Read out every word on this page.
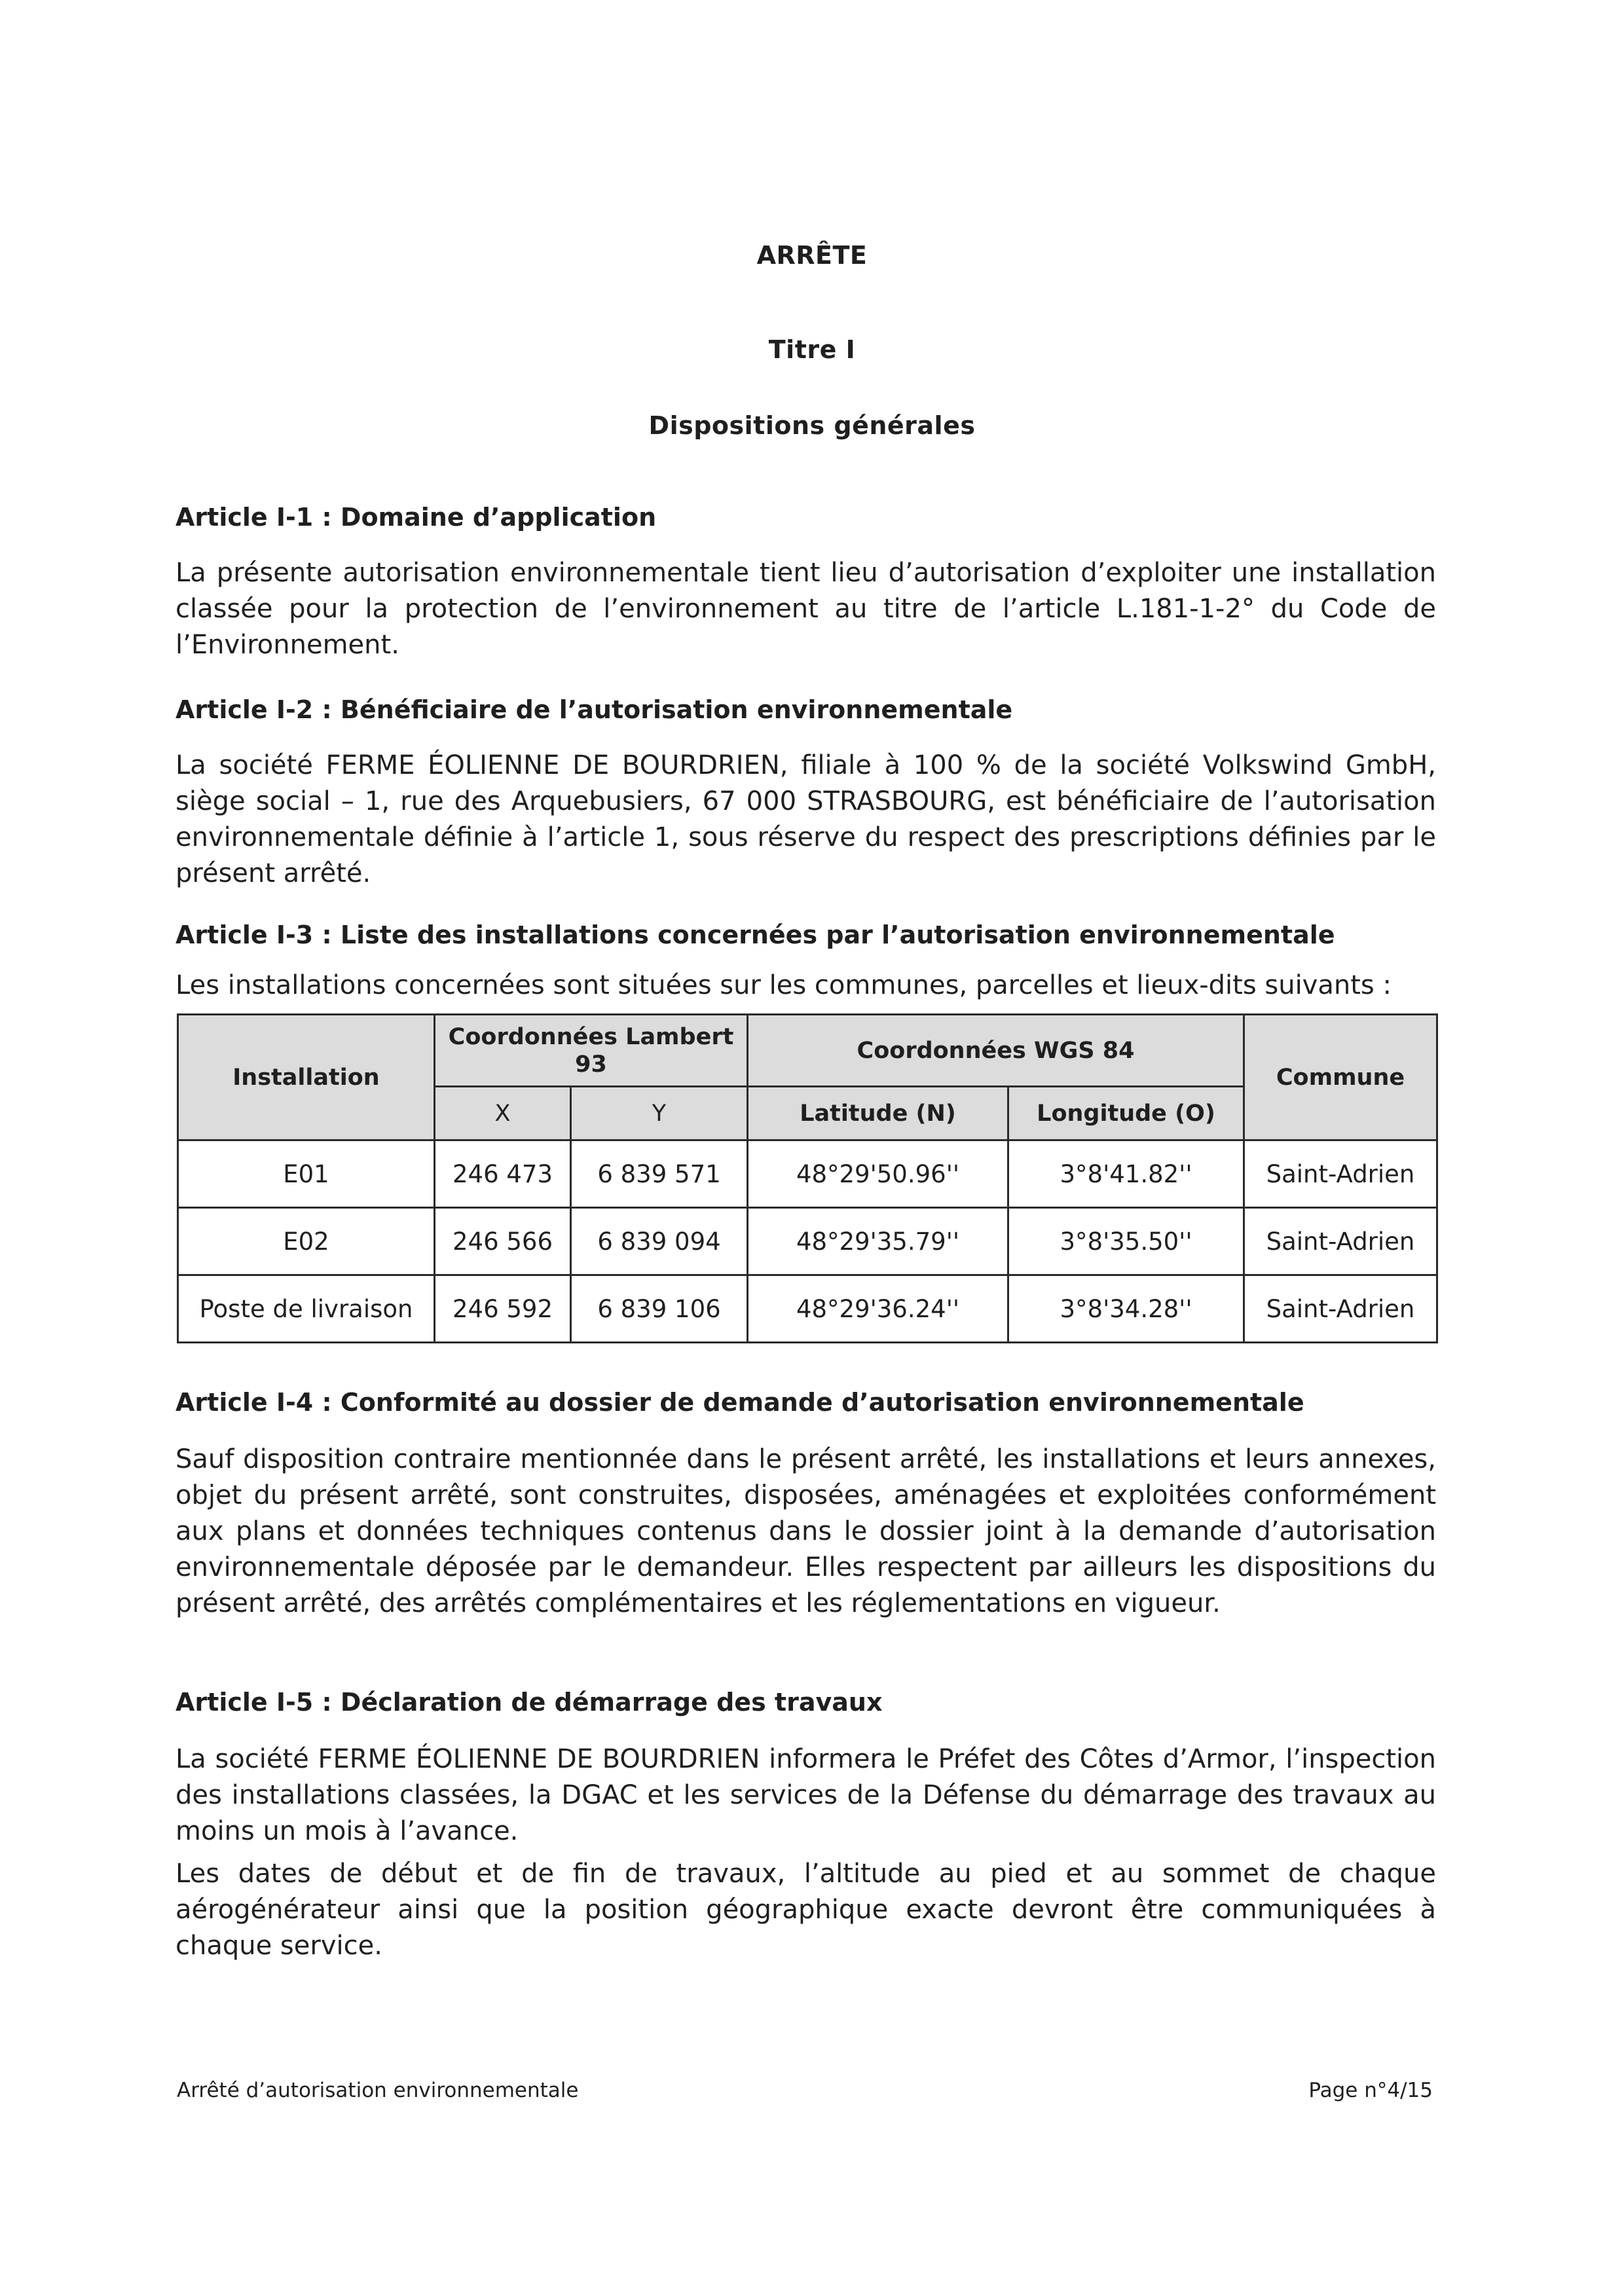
ARRÊTE
Titre I
Dispositions générales

Article I-1 : Domaine d’application

La présente autorisation environnementale tient lieu d’autorisation d’exploiter une installation classée pour la protection de l’environnement au titre de l’article L.181-1-2° du Code de l’Environnement.

Article I-2 : Bénéficiaire de l’autorisation environnementale

La société FERME ÉOLIENNE DE BOURDRIEN, filiale à 100 % de la société Volkswind GmbH, siège social – 1, rue des Arquebusiers, 67 000 STRASBOURG, est bénéficiaire de l’autorisation environnementale définie à l’article 1, sous réserve du respect des prescriptions définies par le présent arrêté.

Article I-3 : Liste des installations concernées par l’autorisation environnementale

Les installations concernées sont situées sur les communes, parcelles et lieux-dits suivants :

Installation	Coordonnées Lambert 93		Coordonnées WGS 84		Commune
	X	Y	Latitude (N)	Longitude (O)	
E01	246 473	6 839 571	48°29'50.96''	3°8'41.82''	Saint-Adrien
E02	246 566	6 839 094	48°29'35.79''	3°8'35.50''	Saint-Adrien
Poste de livraison	246 592	6 839 106	48°29'36.24''	3°8'34.28''	Saint-Adrien

Article I-4 : Conformité au dossier de demande d’autorisation environnementale

Sauf disposition contraire mentionnée dans le présent arrêté, les installations et leurs annexes, objet du présent arrêté, sont construites, disposées, aménagées et exploitées conformément aux plans et données techniques contenus dans le dossier joint à la demande d’autorisation environnementale déposée par le demandeur. Elles respectent par ailleurs les dispositions du présent arrêté, des arrêtés complémentaires et les réglementations en vigueur.

Article I-5 : Déclaration de démarrage des travaux

La société FERME ÉOLIENNE DE BOURDRIEN informera le Préfet des Côtes d’Armor, l’inspection des installations classées, la DGAC et les services de la Défense du démarrage des travaux au moins un mois à l’avance.

Les dates de début et de fin de travaux, l’altitude au pied et au sommet de chaque aérogénérateur ainsi que la position géographique exacte devront être communiquées à chaque service.

Arrêté d’autorisation environnementale	Page n°4/15
